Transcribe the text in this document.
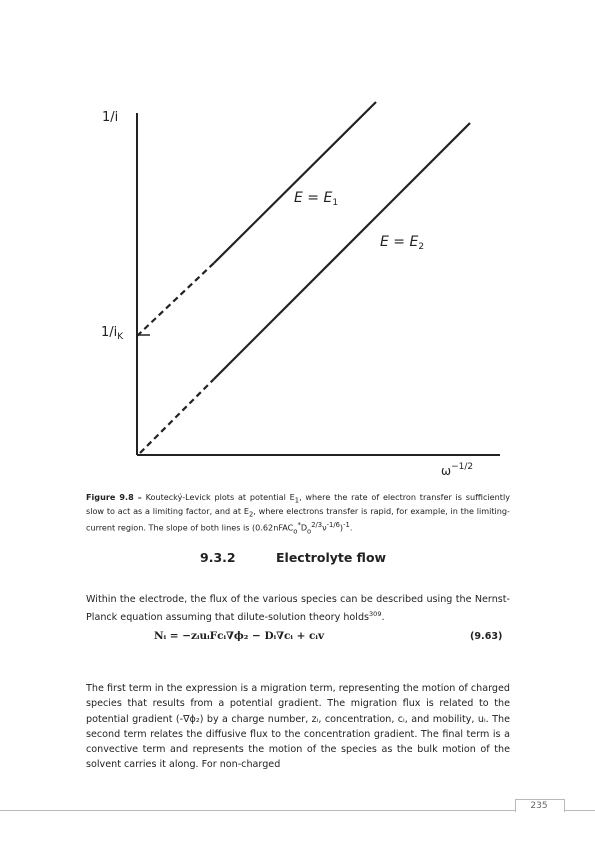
1/i
$1/i_K$
$E = E_1$
$E = E_2$
$\omega^{-1/2}$
Figure 9.8 – Koutecký-Levick plots at potential $E_1$, where the rate of electron transfer is sufficiently slow to act as a limiting factor, and at $E_2$, where electrons transfer is rapid, for example, in the limiting-current region. The slope of both lines is $(0.62nFAC_o^*D_o^{2/3}\nu^{-1/6})^{-1}$.
9.3.2	Electrolyte flow
Within the electrode, the flux of the various species can be described using the Nernst-Planck equation assuming that dilute-solution theory holds$^{309}$.
Nᵢ = −zᵢuᵢFcᵢ∇ϕ₂ − Dᵢ∇cᵢ + cᵢv	(9.63)
The first term in the expression is a migration term, representing the motion of charged species that results from a potential gradient. The migration flux is related to the potential gradient (-∇ϕ₂) by a charge number, zᵢ, concentration, cᵢ, and mobility, uᵢ. The second term relates the diffusive flux to the concentration gradient. The final term is a convective term and represents the motion of the species as the bulk motion of the solvent carries it along. For non-charged
235
